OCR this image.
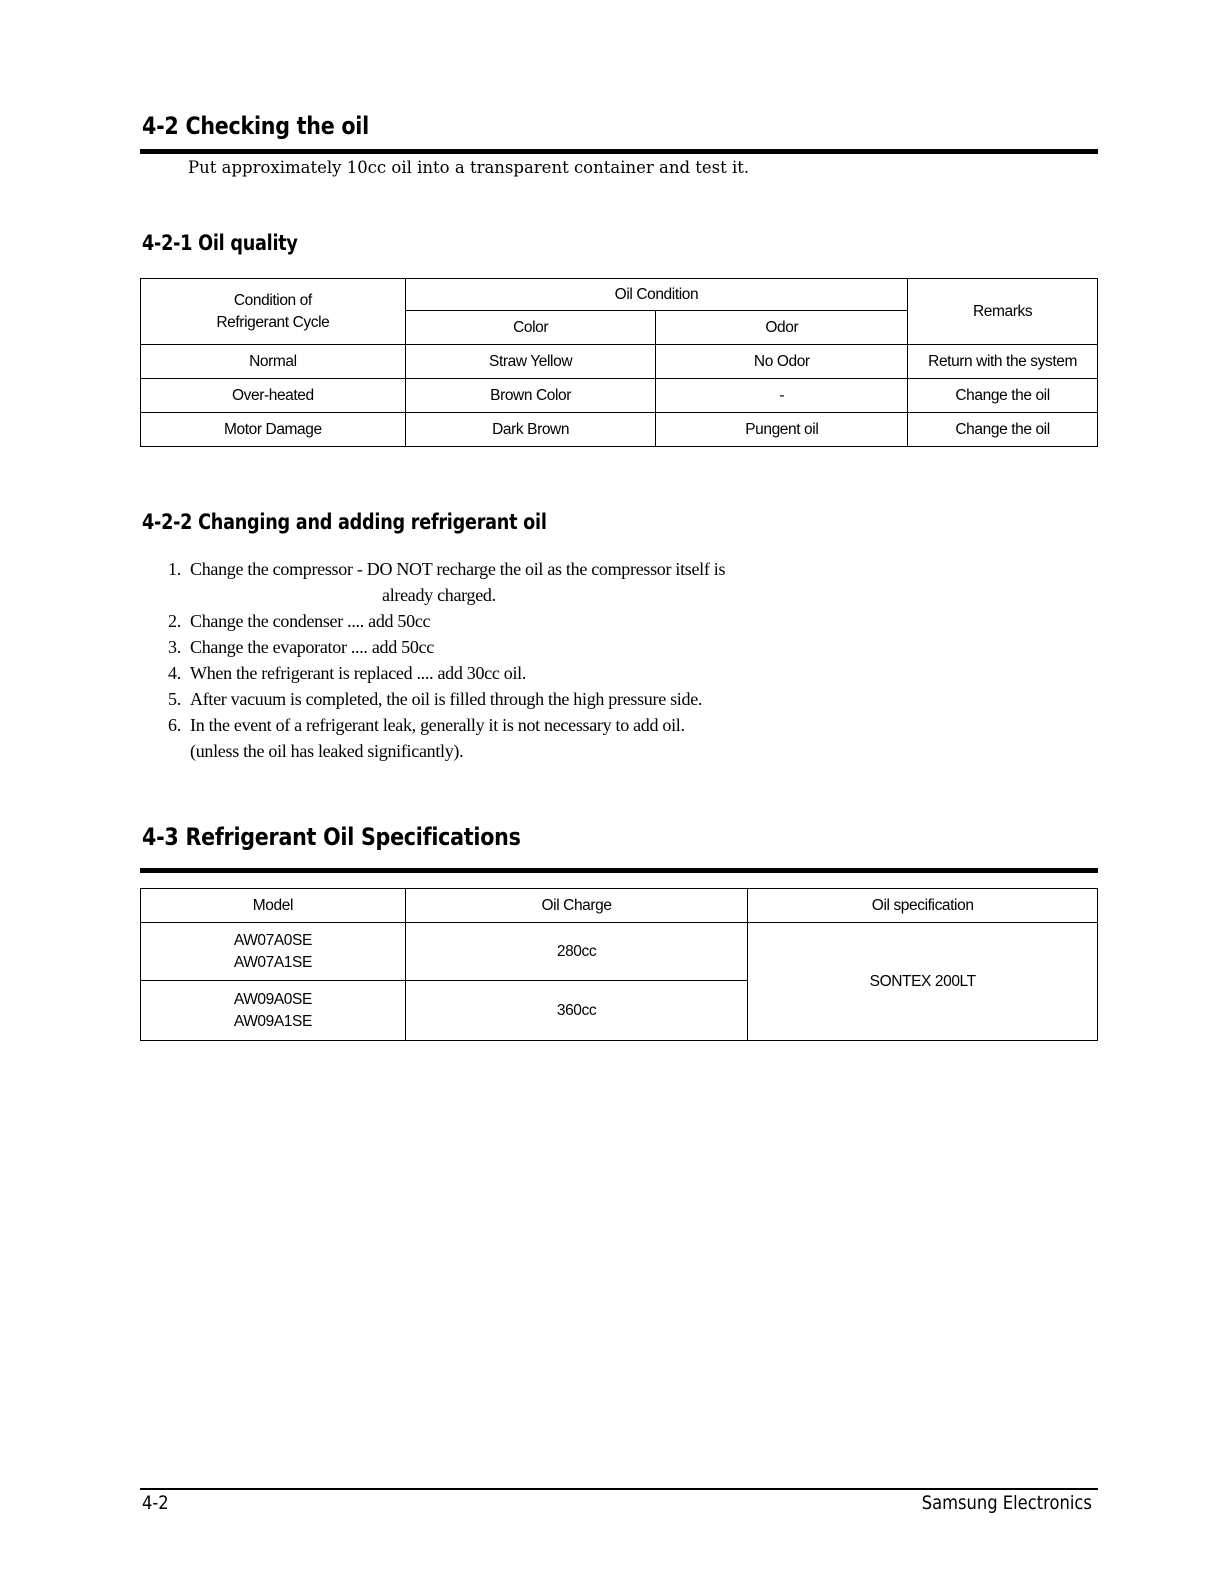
4-2 Checking the oil

Put approximately 10cc oil into a transparent container and test it.

4-2-1 Oil quality
Condition of
Refrigerant Cycle	Oil Condition		Remarks
	Color	Odor	
Normal	Straw Yellow	No Odor	Return with the system
Over-heated	Brown Color	-	Change the oil
Motor Damage	Dark Brown	Pungent oil	Change the oil
4-2-2 Changing and adding refrigerant oil
1. Change the compressor - DO NOT recharge the oil as the compressor itself is
already charged.
2. Change the condenser .... add 50cc
3. Change the evaporator .... add 50cc
4. When the refrigerant is replaced .... add 30cc oil.
5. After vacuum is completed, the oil is filled through the high pressure side.
6. In the event of a refrigerant leak, generally it is not necessary to add oil.
(unless the oil has leaked significantly).
4-3 Refrigerant Oil Specifications
Model	Oil Charge	Oil specification
AW07A0SE
AW07A1SE	280cc	SONTEX 200LT
AW09A0SE
AW09A1SE	360cc	

4-2	Samsung Electronics
